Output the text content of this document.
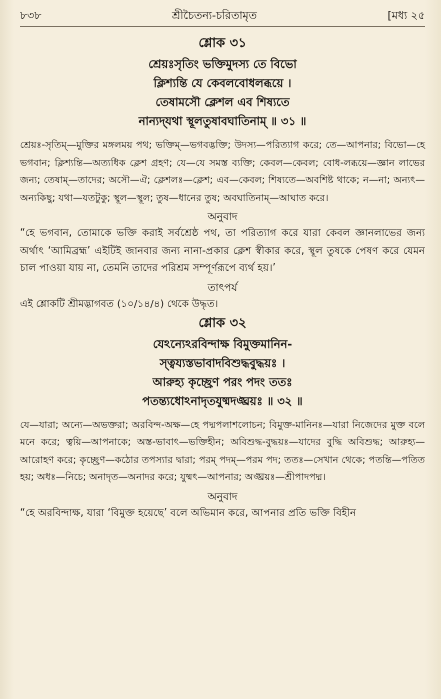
৮৩৮	শ্রীচৈতন্য-চরিতামৃত	[মধ্য ২৫
শ্লোক ৩১
শ্রেয়ঃসৃতিং ভক্তিমুদস্য তে বিভো
ক্লিশ্যন্তি যে কেবলবোধলব্ধয়ে ।
তেষামসৌ ক্লেশল এব শিষ্যতে
নান্যদ্‌যথা স্থূলতুষাবঘাতিনাম্‌ ॥ ৩১ ॥
শ্রেয়ঃ-সৃতিম্‌—মুক্তির মঙ্গলময় পথ; ভক্তিম্‌—ভগবদ্ভক্তি; উদস্য—পরিত্যাগ করে; তে—আপনার; বিভো—হে ভগবান; ক্লিশ্যন্তি—অত্যধিক ক্লেশ গ্রহণ; যে—যে সমস্ত ব্যক্তি; কেবল—কেবল; বোধ-লব্ধয়ে—জ্ঞান লাভের জন্য; তেষাম্‌—তাদের; অসৌ—ঐ; ক্লেশলঃ—ক্লেশ; এব—কেবল; শিষ্যতে—অবশিষ্ট থাকে; ন—না; অন্যৎ—অন্যকিছু; যথা—যতটুকু; স্থূল—স্থূল; তুষ—ধানের তুষ; অবঘাতিনাম্‌—আঘাত করে।
অনুবাদ
“হে ভগবান, তোমাকে ভক্তি করাই সর্বশ্রেষ্ঠ পথ, তা পরিত্যাগ করে যারা কেবল জ্ঞানলাভের জন্য অর্থাৎ ‘আমিব্রহ্ম’ এইটিই জানবার জন্য নানা-প্রকার ক্লেশ স্বীকার করে, স্থূল তুষকে পেষণ করে যেমন চাল পাওয়া যায় না, তেমনি তাদের পরিশ্রম সম্পূর্ণরূপে ব্যর্থ হয়।’
তাৎপর্য
এই শ্লোকটি শ্রীমদ্ভাগবত (১০/১৪/৪) থেকে উদ্ধৃত।
শ্লোক ৩২
যেঽন্যেঽরবিন্দাক্ষ বিমুক্তমানিন-
স্ত্বয্যস্তভাবাদবিশুদ্ধবুদ্ধয়ঃ ।
আরুহ্য কৃচ্ছ্রেণ পরং পদং ততঃ
পতন্ত্যধোঽনাদৃতযুষ্মদঙ্ঘ্রয়ঃ ॥ ৩২ ॥
যে—যারা; অন্যে—অভক্তরা; অরবিন্দ-অক্ষ—হে পদ্মপলাশলোচন; বিমুক্ত-মানিনঃ—যারা নিজেদের মুক্ত বলে মনে করে; ত্বয়ি—আপনাকে; অস্ত-ভাবাৎ—ভক্তিহীন; অবিশুদ্ধ-বুদ্ধয়ঃ—যাদের বুদ্ধি অবিশুদ্ধ; আরুহ্য—আরোহণ করে; কৃচ্ছ্রেণ—কঠোর তপস্যার দ্বারা; পরম্‌ পদম্‌—পরম পদ; ততঃ—সেখান থেকে; পতন্তি—পতিত হয়; অধঃ—নিচে; অনাদৃত—অনাদর করে; যুষ্মৎ—আপনার; অঙ্ঘ্রয়ঃ—শ্রীপাদপদ্ম।
অনুবাদ
“হে অরবিন্দাক্ষ, যারা ‘বিমুক্ত হয়েছে’ বলে অভিমান করে, আপনার প্রতি ভক্তি বিহীন
